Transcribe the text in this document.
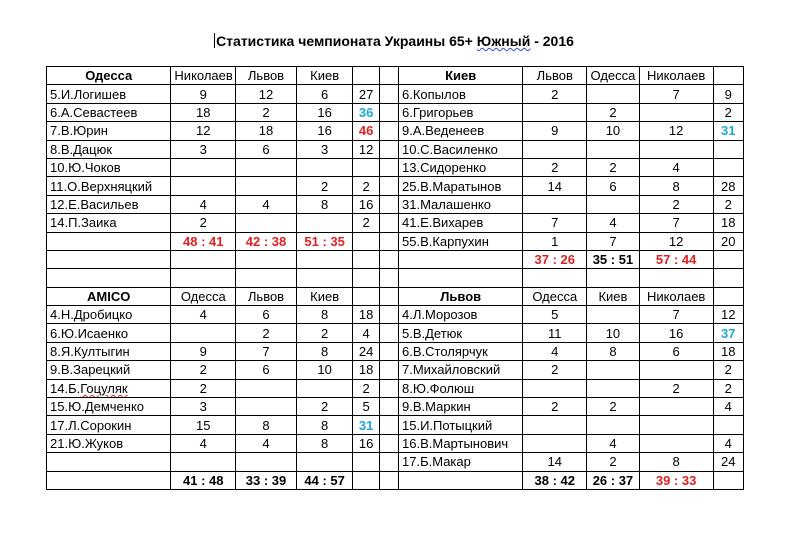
Статистика чемпионата Украины 65+ Южный - 2016
Одесса	Николаев	Львов	Киев			Киев	Львов	Одесса	Николаев	
5.И.Логишев	9	12	6	27		6.Копылов	2		7	9
6.А.Севастеев	18	2	16	36		6.Григорьев		2		2
7.В.Юрин	12	18	16	46		9.А.Веденеев	9	10	12	31
8.В.Дацюк	3	6	3	12		10.С.Василенко				
10.Ю.Чоков						13.Сидоренко	2	2	4	
11.О.Верхняцкий			2	2		25.В.Маратынов	14	6	8	28
12.Е.Васильев	4	4	8	16		31.Малашенко			2	2
14.П.Заика	2			2		41.Е.Вихарев	7	4	7	18
	48 : 41	42 : 38	51 : 35			55.В.Карпухин	1	7	12	20
							37 : 26	35 : 51	57 : 44	

AMICO	Одесса	Львов	Киев			Львов	Одесса	Киев	Николаев	
4.Н.Дробицко	4	6	8	18		4.Л.Морозов	5		7	12
6.Ю.Исаенко		2	2	4		5.В.Детюк	11	10	16	37
8.Я.Култыгин	9	7	8	24		6.В.Столярчук	4	8	6	18
9.В.Зарецкий	2	6	10	18		7.Михайловский	2			2
14.Б.Гоцуляк	2			2		8.Ю.Фолюш			2	2
15.Ю.Демченко	3		2	5		9.В.Маркин	2	2		4
17.Л.Сорокин	15	8	8	31		15.И.Потыцкий				
21.Ю.Жуков	4	4	8	16		16.В.Мартынович		4		4
						17.Б.Макар	14	2	8	24
	41 : 48	33 : 39	44 : 57				38 : 42	26 : 37	39 : 33	
